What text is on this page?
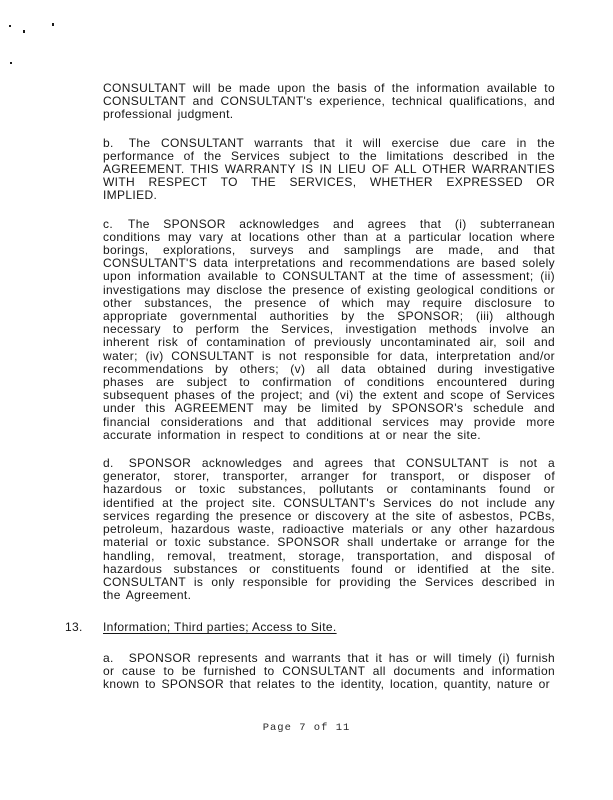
CONSULTANT will be made upon the basis of the information available to CONSULTANT and CONSULTANT's experience, technical qualifications, and professional judgment.

b. The CONSULTANT warrants that it will exercise due care in the performance of the Services subject to the limitations described in the AGREEMENT. THIS WARRANTY IS IN LIEU OF ALL OTHER WARRANTIES WITH RESPECT TO THE SERVICES, WHETHER EXPRESSED OR IMPLIED.

c. The SPONSOR acknowledges and agrees that (i) subterranean conditions may vary at locations other than at a particular location where borings, explorations, surveys and samplings are made, and that CONSULTANT'S data interpretations and recommendations are based solely upon information available to CONSULTANT at the time of assessment; (ii) investigations may disclose the presence of existing geological conditions or other substances, the presence of which may require disclosure to appropriate governmental authorities by the SPONSOR; (iii) although necessary to perform the Services, investigation methods involve an inherent risk of contamination of previously uncontaminated air, soil and water; (iv) CONSULTANT is not responsible for data, interpretation and/or recommendations by others; (v) all data obtained during investigative phases are subject to confirmation of conditions encountered during subsequent phases of the project; and (vi) the extent and scope of Services under this AGREEMENT may be limited by SPONSOR's schedule and financial considerations and that additional services may provide more accurate information in respect to conditions at or near the site.

d. SPONSOR acknowledges and agrees that CONSULTANT is not a generator, storer, transporter, arranger for transport, or disposer of hazardous or toxic substances, pollutants or contaminants found or identified at the project site. CONSULTANT's Services do not include any services regarding the presence or discovery at the site of asbestos, PCBs, petroleum, hazardous waste, radioactive materials or any other hazardous material or toxic substance. SPONSOR shall undertake or arrange for the handling, removal, treatment, storage, transportation, and disposal of hazardous substances or constituents found or identified at the site. CONSULTANT is only responsible for providing the Services described in the Agreement.

13. Information; Third parties; Access to Site.

a. SPONSOR represents and warrants that it has or will timely (i) furnish or cause to be furnished to CONSULTANT all documents and information known to SPONSOR that relates to the identity, location, quantity, nature or

Page 7 of 11
